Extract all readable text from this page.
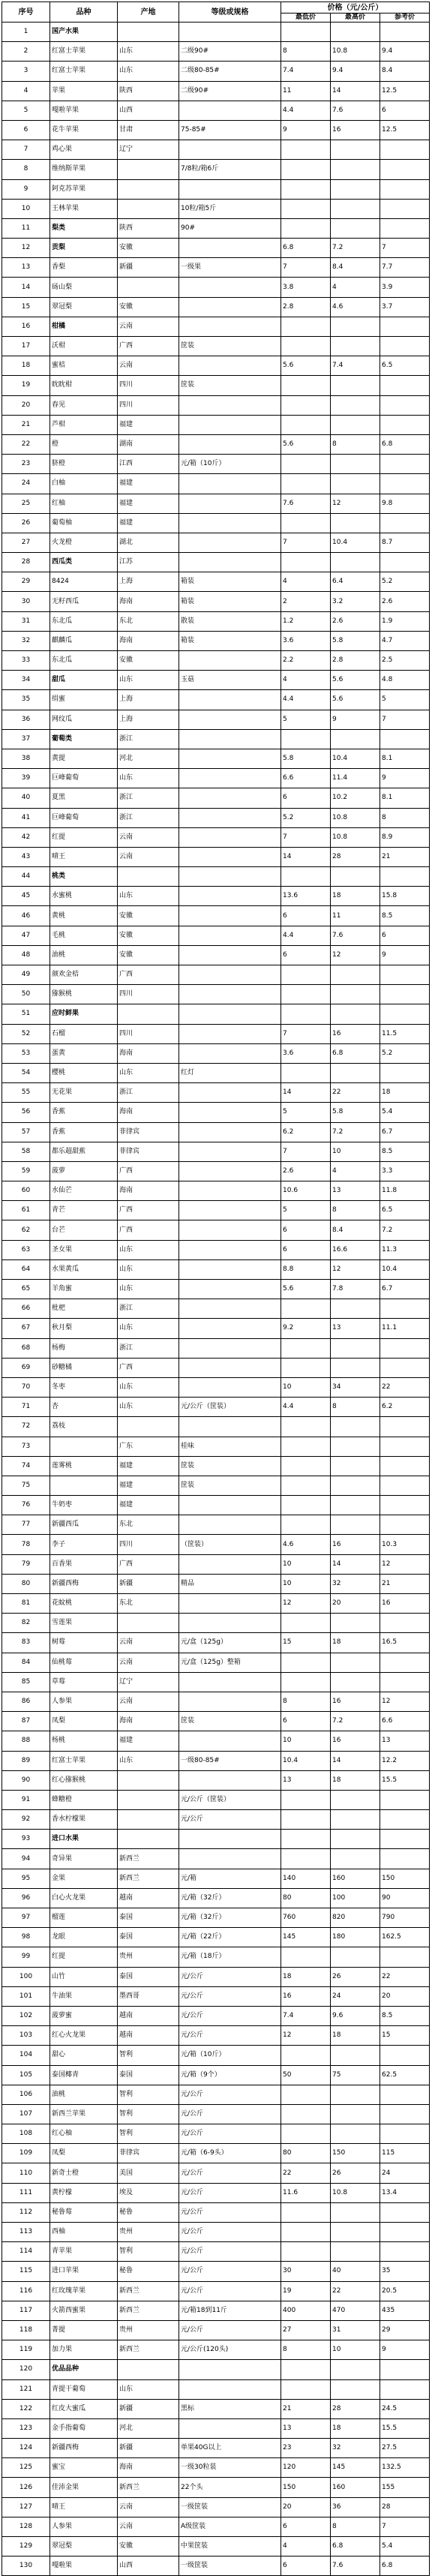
序号	品种	产地	等级或规格	价格（元/公斤）		
				最低价	最高价	参考价
1	国产水果					
2	红富士苹果	山东	二级90#	8	10.8	9.4
3	红富士苹果	山东	二级80-85#	7.4	9.4	8.4
4	苹果	陕西	二级90#	11	14	12.5
5	嘎啦苹果	山西		4.4	7.6	6
6	花牛苹果	甘肃	75-85#	9	16	12.5
7	鸡心果	辽宁				
8	维纳斯苹果		7/8粒/箱6斤			
9	阿克苏苹果					
10	王林苹果		10粒/箱5斤			
11	梨类	陕西	90#			
12	贡梨	安徽		6.8	7.2	7
13	香梨	新疆	一级果	7	8.4	7.7
14	砀山梨			3.8	4	3.9
15	翠冠梨	安徽		2.8	4.6	3.7
16	柑橘	云南				
17	沃柑	广西	筐装			
18	蜜桔	云南		5.6	7.4	6.5
19	眈眈柑	四川	筐装			
20	春见	四川				
21	芦柑	福建				
22	橙	湖南		5.6	8	6.8
23	脐橙	江西	元/箱（10斤）			
24	白柚	福建				
25	红柚	福建		7.6	12	9.8
26	葡萄柚	福建				
27	火龙橙	湖北		7	10.4	8.7
28	西瓜类	江苏				
29	8424	上海	箱装	4	6.4	5.2
30	无籽西瓜	海南	箱装	2	3.2	2.6
31	东北瓜	东北	散装	1.2	2.6	1.9
32	麒麟瓜	海南	箱装	3.6	5.8	4.7
33	东北瓜	安徽		2.2	2.8	2.5
34	甜瓜	山东	玉菇	4	5.6	4.8
35	绢蜜	上海		4.4	5.6	5
36	网纹瓜	上海		5	9	7
37	葡萄类	浙江				
38	黄提	河北		5.8	10.4	8.1
39	巨峰葡萄	山东		6.6	11.4	9
40	夏黑	浙江		6	10.2	8.1
41	巨峰葡萄	浙江		5.2	10.8	8
42	红提	云南		7	10.8	8.9
43	晴王	云南		14	28	21
44	桃类					
45	水蜜桃	山东		13.6	18	15.8
46	黄桃	安徽		6	11	8.5
47	毛桃	安徽		4.4	7.6	6
48	油桃	安徽		6	12	9
49	颜欢金桔	广西				
50	猕猴桃	四川				
51	应时鲜果					
52	石榴	四川		7	16	11.5
53	蛋黄	海南		3.6	6.8	5.2
54	樱桃	山东	红灯			
55	无花果	浙江		14	22	18
56	香蕉	海南		5	5.8	5.4
57	香蕉	菲律宾		6.2	7.2	6.7
58	都乐超甜蕉	菲律宾		7	10	8.5
59	菠萝	广西		2.6	4	3.3
60	水仙芒	海南		10.6	13	11.8
61	青芒	广西		5	8	6.5
62	台芒	广西		6	8.4	7.2
63	圣女果	山东		6	16.6	11.3
64	水果黄瓜	山东		8.8	12	10.4
65	羊角蜜	山东		5.6	7.8	6.7
66	枇杷	浙江				
67	秋月梨	山东		9.2	13	11.1
68	杨梅	浙江				
69	砂糖橘	广西				
70	冬枣	山东		10	34	22
71	杏	山东	元/公斤（筐装）	4.4	8	6.2
72	荔枝					
73		广东	桂味			
74	莲雾桃	福建	筐装			
75		福建	筐装			
76	牛奶枣	福建				
77	新疆西瓜	东北				
78	李子	四川	（筐装）	4.6	16	10.3
79	百香果	广西		10	14	12
80	新疆西梅	新疆	精品	10	32	21
81	花蚊桃	东北		12	20	16
82	雪莲果					
83	树莓	云南	元/盒（125g）	15	18	16.5
84	仙桃莓	云南	元/盒（125g）整箱			
85	草莓	辽宁				
86	人参果	云南		8	16	12
87	凤梨	海南	筐装	6	7.2	6.6
88	杨桃	福建		10	16	13
89	红富士苹果	山东	一级80-85#	10.4	14	12.2
90	红心猕猴桃			13	18	15.5
91	蜂糖橙		元/公斤（筐装）			
92	香水柠檬果		元/公斤			
93	进口水果					
94	奇异果	新西兰				
95	金果	新西兰	元/箱	140	160	150
96	白心火龙果	越南	元/箱（32斤）	80	100	90
97	榴莲	泰国	元/箱（32斤）	760	820	790
98	龙眼	泰国	元/箱（22斤）	145	180	162.5
99	红提	贵州	元/箱（18斤）			
100	山竹	泰国	元/公斤	18	26	22
101	牛油果	墨西哥	元/公斤	16	24	20
102	菠萝蜜	越南	元/公斤	7.4	9.6	8.5
103	红心火龙果	越南	元/公斤	12	18	15
104	甜心	智利	元/箱（10斤）			
105	泰国椰青	泰国	元/箱（9个）	50	75	62.5
106	油桃	智利	元/公斤			
107	新西兰苹果	智利	元/公斤			
108	红心柚	智利	元/公斤			
109	凤梨	菲律宾	元/箱（6-9头）	80	150	115
110	新奇士橙	美国	元/公斤	22	26	24
111	黄柠檬	埃及	元/公斤	11.6	10.8	13.4
112	秘鲁莓	秘鲁	元/公斤			
113	西柚	贵州	元/公斤			
114	青苹果	智利	元/公斤			
115	进口苹果	秘鲁	元/公斤	30	40	35
116	红玫瑰苹果	新西兰	元/公斤	19	22	20.5
117	火箭西蜜果	新西兰	元/箱18到11斤	400	470	435
118	菁提	贵州	元/公斤	27	31	29
119	加力果	新西兰	元/公斤(120头)	8	10	9
120	优品品种					
121	青提干葡萄	山东				
122	红皮大蜜瓜	新疆	黑标	21	28	24.5
123	金手指葡萄	河北		13	18	15.5
124	新疆西梅	新疆	单果40G以上	23	32	27.5
125	蜜宝	海南	一级30粒装	120	145	132.5
126	佳沛金果	新西兰	22个头	150	160	155
127	晴王	云南	一级筐装	20	36	28
128	人参果	云南	A级筐装	6	8	7
129	翠冠梨	安徽	中果筐装	4	6.8	5.4
130	嘎啦果	山西	一级筐装	6	7.6	6.8
